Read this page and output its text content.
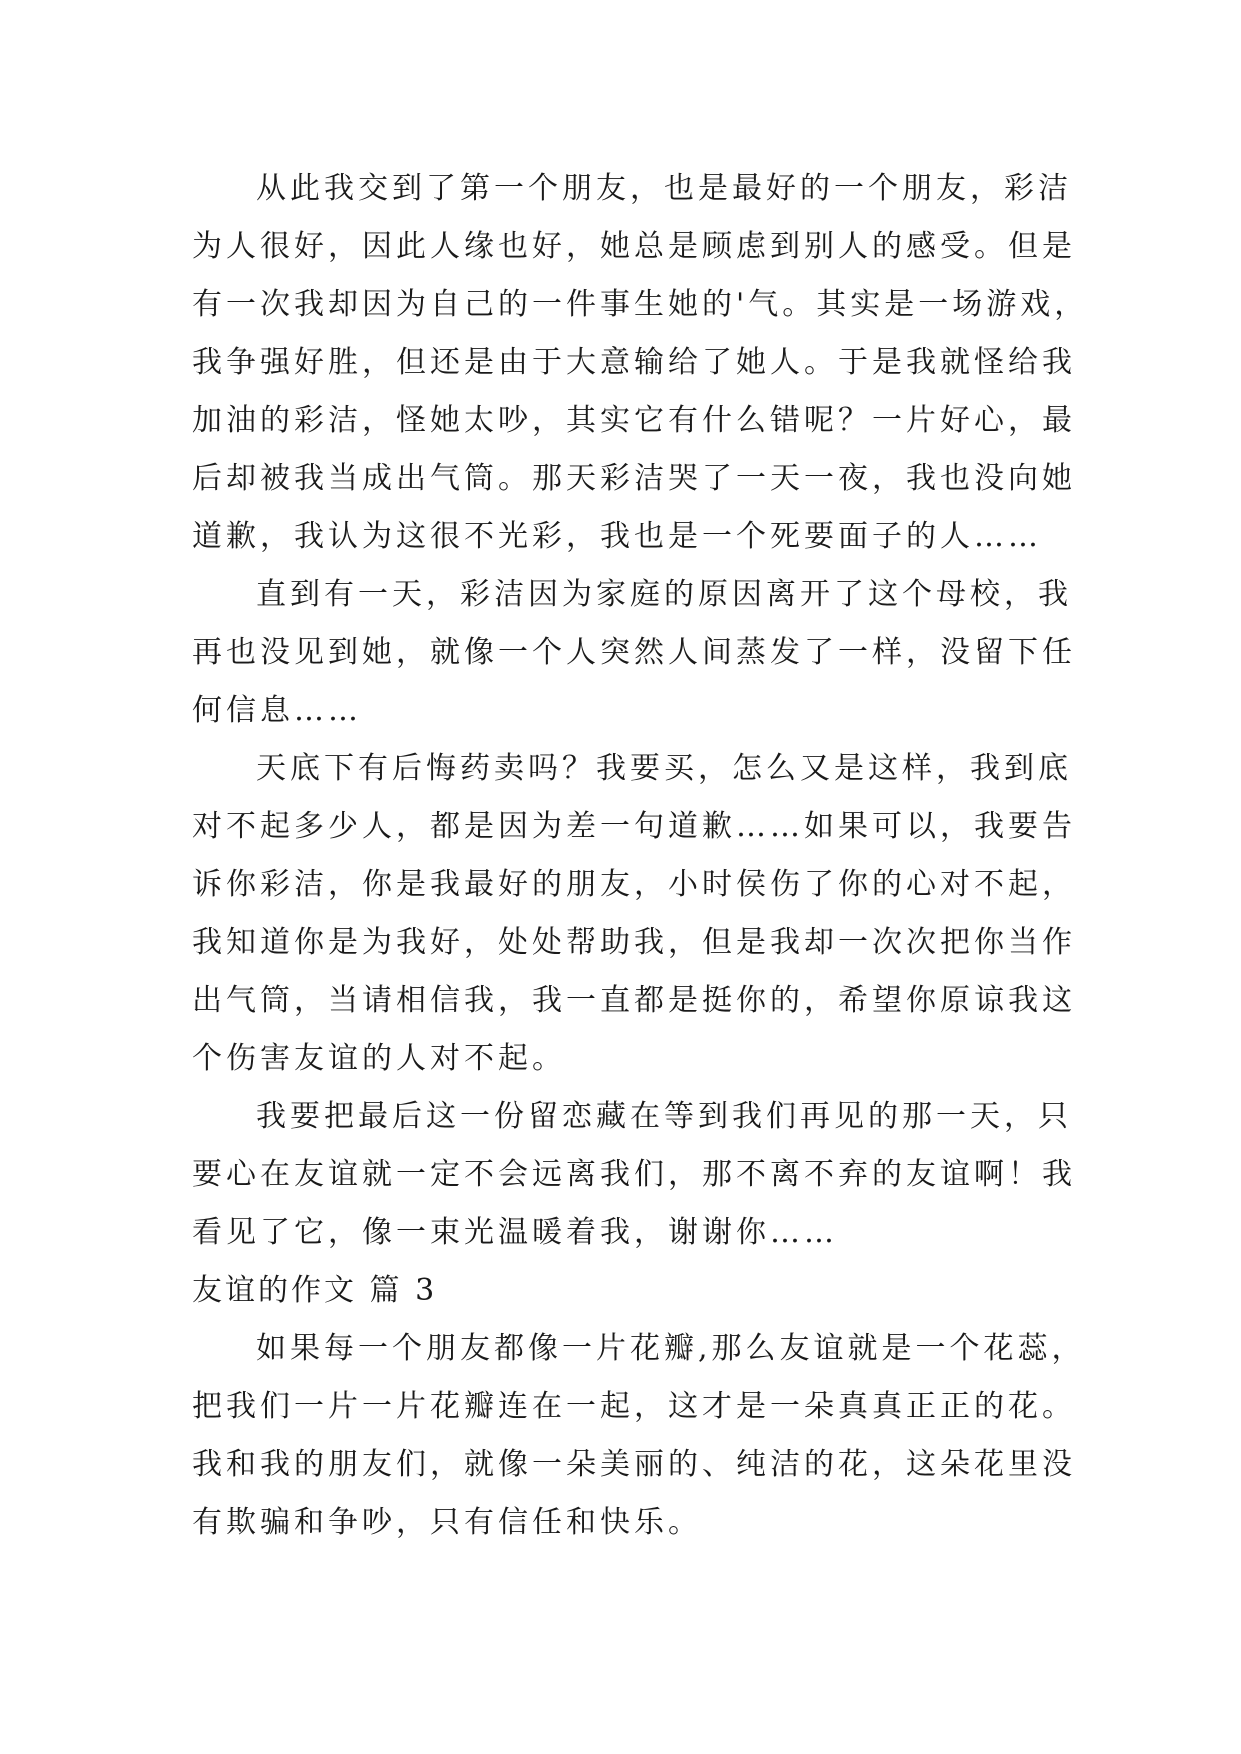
从此我交到了第一个朋友，也是最好的一个朋友，彩洁
为人很好，因此人缘也好，她总是顾虑到别人的感受。但是
有一次我却因为自己的一件事生她的'气。其实是一场游戏，
我争强好胜，但还是由于大意输给了她人。于是我就怪给我
加油的彩洁，怪她太吵，其实它有什么错呢？一片好心，最
后却被我当成出气筒。那天彩洁哭了一天一夜，我也没向她
道歉，我认为这很不光彩，我也是一个死要面子的人……
直到有一天，彩洁因为家庭的原因离开了这个母校，我
再也没见到她，就像一个人突然人间蒸发了一样，没留下任
何信息……
天底下有后悔药卖吗？我要买，怎么又是这样，我到底
对不起多少人，都是因为差一句道歉……如果可以，我要告
诉你彩洁，你是我最好的朋友，小时侯伤了你的心对不起，
我知道你是为我好，处处帮助我，但是我却一次次把你当作
出气筒，当请相信我，我一直都是挺你的，希望你原谅我这
个伤害友谊的人对不起。
我要把最后这一份留恋藏在等到我们再见的那一天，只
要心在友谊就一定不会远离我们，那不离不弃的友谊啊！我
看见了它，像一束光温暖着我，谢谢你……
友谊的作文 篇 3
如果每一个朋友都像一片花瓣,那么友谊就是一个花蕊，
把我们一片一片花瓣连在一起，这才是一朵真真正正的花。
我和我的朋友们，就像一朵美丽的、纯洁的花，这朵花里没
有欺骗和争吵，只有信任和快乐。
